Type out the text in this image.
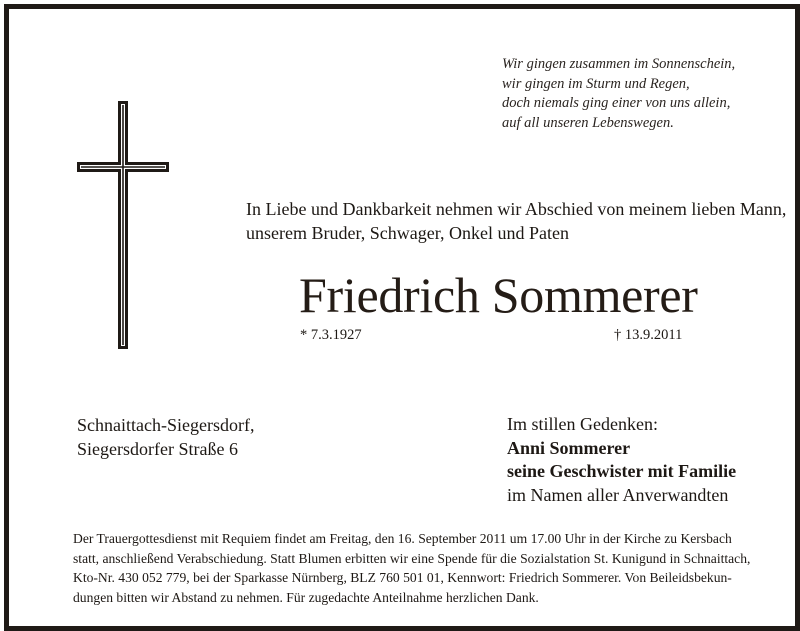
Wir gingen zusammen im Sonnenschein,
wir gingen im Sturm und Regen,
doch niemals ging einer von uns allein,
auf all unseren Lebenswegen.
In Liebe und Dankbarkeit nehmen wir Abschied von meinem lieben Mann,
unserem Bruder, Schwager, Onkel und Paten
Friedrich Sommerer
* 7.3.1927	† 13.9.2011
Schnaittach-Siegersdorf,
Siegersdorfer Straße 6
Im stillen Gedenken:
Anni Sommerer
seine Geschwister mit Familie
im Namen aller Anverwandten
Der Trauergottesdienst mit Requiem findet am Freitag, den 16. September 2011 um 17.00 Uhr in der Kirche zu Kersbach
statt, anschließend Verabschiedung. Statt Blumen erbitten wir eine Spende für die Sozialstation St. Kunigund in Schnaittach,
Kto-Nr. 430 052 779, bei der Sparkasse Nürnberg, BLZ 760 501 01, Kennwort: Friedrich Sommerer. Von Beileidsbekun-
dungen bitten wir Abstand zu nehmen. Für zugedachte Anteilnahme herzlichen Dank.
